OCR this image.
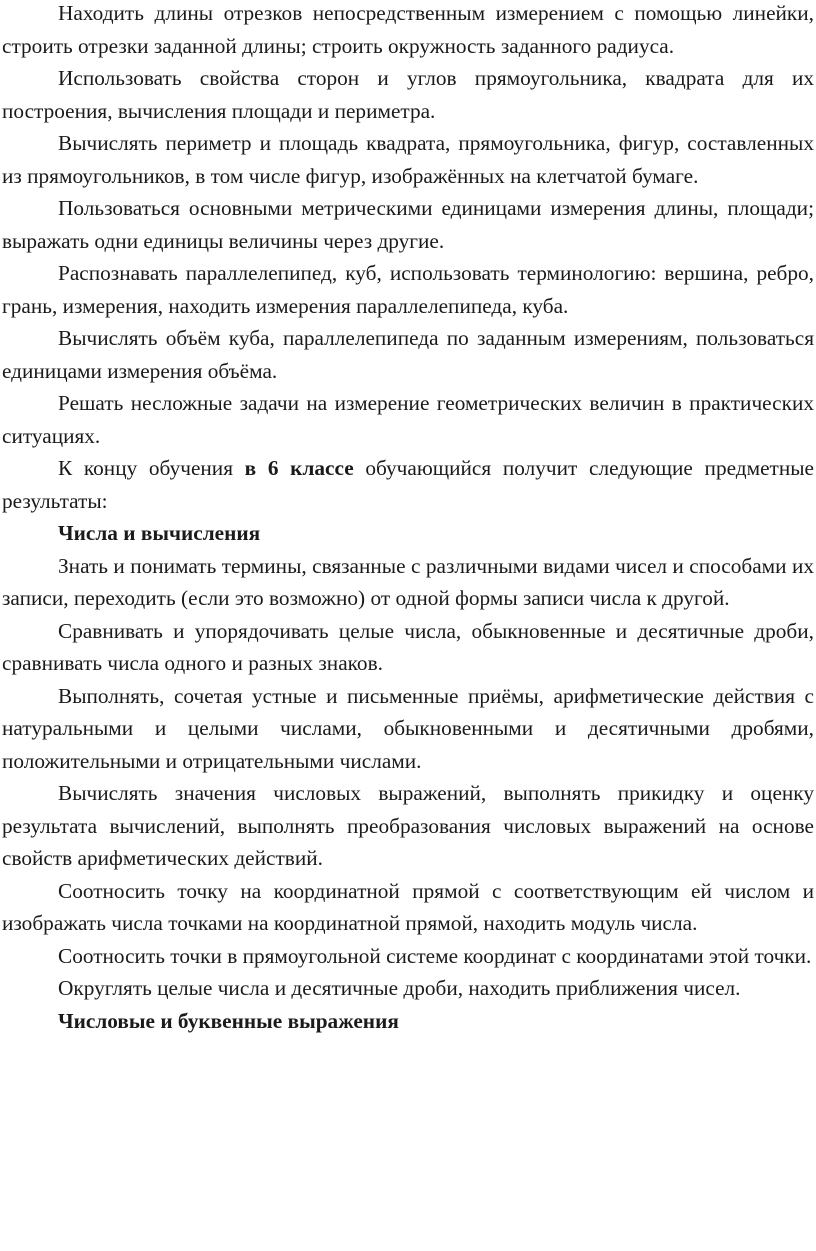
Находить длины отрезков непосредственным измерением с помощью линейки, строить отрезки заданной длины; строить окружность заданного радиуса.

Использовать свойства сторон и углов прямоугольника, квадрата для их построения, вычисления площади и периметра.

Вычислять периметр и площадь квадрата, прямоугольника, фигур, составленных из прямоугольников, в том числе фигур, изображённых на клетчатой бумаге.

Пользоваться основными метрическими единицами измерения длины, площади; выражать одни единицы величины через другие.

Распознавать параллелепипед, куб, использовать терминологию: вершина, ребро, грань, измерения, находить измерения параллелепипеда, куба.

Вычислять объём куба, параллелепипеда по заданным измерениям, пользоваться единицами измерения объёма.

Решать несложные задачи на измерение геометрических величин в практических ситуациях.

К концу обучения в 6 классе обучающийся получит следующие предметные результаты:

Числа и вычисления

Знать и понимать термины, связанные с различными видами чисел и способами их записи, переходить (если это возможно) от одной формы записи числа к другой.

Сравнивать и упорядочивать целые числа, обыкновенные и десятичные дроби, сравнивать числа одного и разных знаков.

Выполнять, сочетая устные и письменные приёмы, арифметические действия с натуральными и целыми числами, обыкновенными и десятичными дробями, положительными и отрицательными числами.

Вычислять значения числовых выражений, выполнять прикидку и оценку результата вычислений, выполнять преобразования числовых выражений на основе свойств арифметических действий.

Соотносить точку на координатной прямой с соответствующим ей числом и изображать числа точками на координатной прямой, находить модуль числа.

Соотносить точки в прямоугольной системе координат с координатами этой точки.

Округлять целые числа и десятичные дроби, находить приближения чисел.

Числовые и буквенные выражения
